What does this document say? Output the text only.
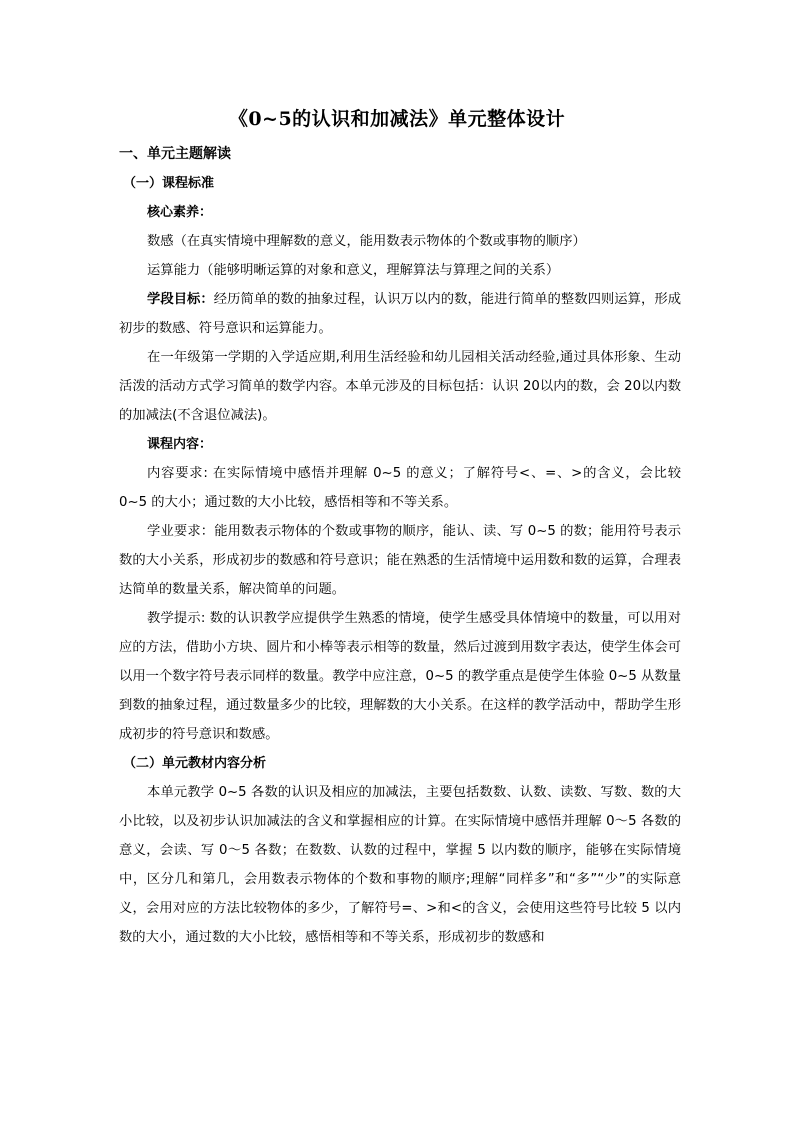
《0~5的认识和加减法》单元整体设计

一、单元主题解读

（一）课程标准

核心素养：

数感（在真实情境中理解数的意义，能用数表示物体的个数或事物的顺序）

运算能力（能够明晰运算的对象和意义，理解算法与算理之间的关系）

学段目标：经历简单的数的抽象过程，认识万以内的数，能进行简单的整数四则运算，形成初步的数感、符号意识和运算能力。

在一年级第一学期的入学适应期,利用生活经验和幼儿园相关活动经验,通过具体形象、生动活泼的活动方式学习简单的数学内容。本单元涉及的目标包括：认识 20以内的数，会 20以内数的加减法(不含退位减法)。

课程内容：

内容要求: 在实际情境中感悟并理解 0~5 的意义；了解符号<、=、>的含义，会比较 0~5 的大小；通过数的大小比较，感悟相等和不等关系。

学业要求：能用数表示物体的个数或事物的顺序，能认、读、写 0~5 的数；能用符号表示数的大小关系，形成初步的数感和符号意识；能在熟悉的生活情境中运用数和数的运算，合理表达简单的数量关系，解决简单的问题。

教学提示: 数的认识教学应提供学生熟悉的情境，使学生感受具体情境中的数量，可以用对应的方法，借助小方块、圆片和小棒等表示相等的数量，然后过渡到用数字表达，使学生体会可以用一个数字符号表示同样的数量。教学中应注意，0~5 的教学重点是使学生体验 0~5 从数量到数的抽象过程，通过数量多少的比较，理解数的大小关系。在这样的教学活动中，帮助学生形成初步的符号意识和数感。

（二）单元教材内容分析

本单元教学 0~5 各数的认识及相应的加减法，主要包括数数、认数、读数、写数、数的大小比较，以及初步认识加减法的含义和掌握相应的计算。在实际情境中感悟并理解 0～5 各数的意义，会读、写 0～5 各数；在数数、认数的过程中，掌握 5 以内数的顺序，能够在实际情境中，区分几和第几，会用数表示物体的个数和事物的顺序;理解“同样多”和“多”“少”的实际意义，会用对应的方法比较物体的多少，了解符号=、>和<的含义，会使用这些符号比较 5 以内数的大小，通过数的大小比较，感悟相等和不等关系，形成初步的数感和
